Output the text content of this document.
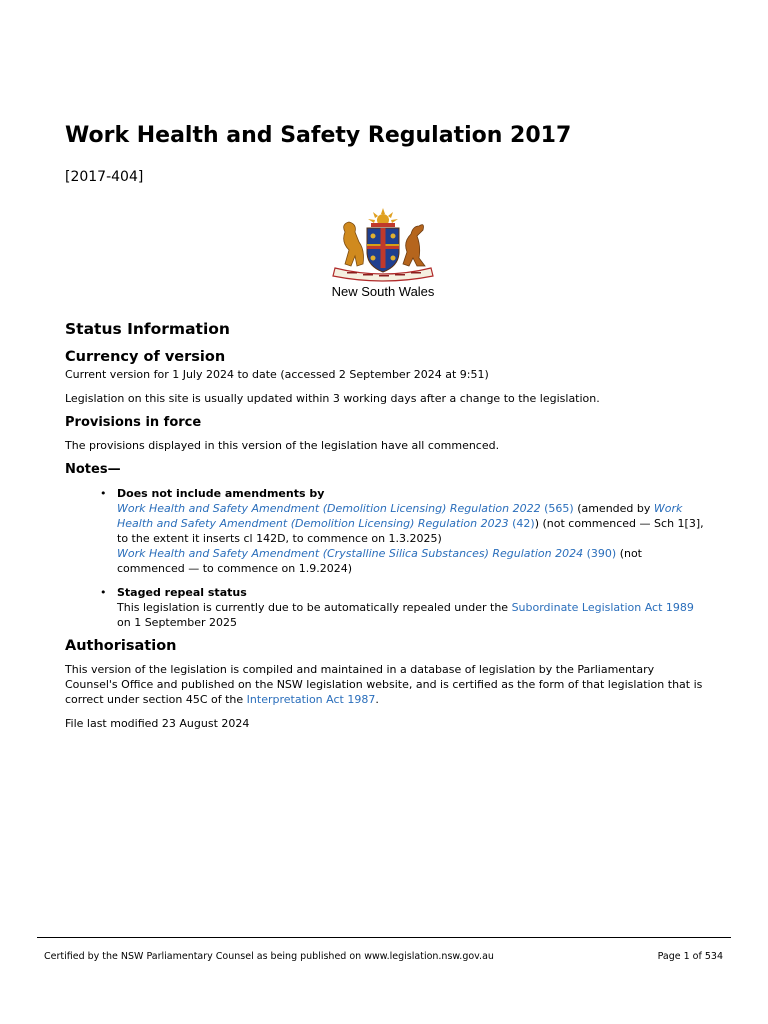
Work Health and Safety Regulation 2017
[2017-404]
New South Wales
Status Information
Currency of version

Current version for 1 July 2024 to date (accessed 2 September 2024 at 9:51)

Legislation on this site is usually updated within 3 working days after a change to the legislation.

Provisions in force

The provisions displayed in this version of the legislation have all commenced.

Notes—
• Does not include amendments by
Work Health and Safety Amendment (Demolition Licensing) Regulation 2022 (565) (amended by Work Health and Safety Amendment (Demolition Licensing) Regulation 2023 (42)) (not commenced — Sch 1[3], to the extent it inserts cl 142D, to commence on 1.3.2025)
Work Health and Safety Amendment (Crystalline Silica Substances) Regulation 2024 (390) (not commenced — to commence on 1.9.2024)
• Staged repeal status
This legislation is currently due to be automatically repealed under the Subordinate Legislation Act 1989 on 1 September 2025
Authorisation

This version of the legislation is compiled and maintained in a database of legislation by the Parliamentary Counsel's Office and published on the NSW legislation website, and is certified as the form of that legislation that is correct under section 45C of the Interpretation Act 1987.

File last modified 23 August 2024

Certified by the NSW Parliamentary Counsel as being published on www.legislation.nsw.gov.au	Page 1 of 534
